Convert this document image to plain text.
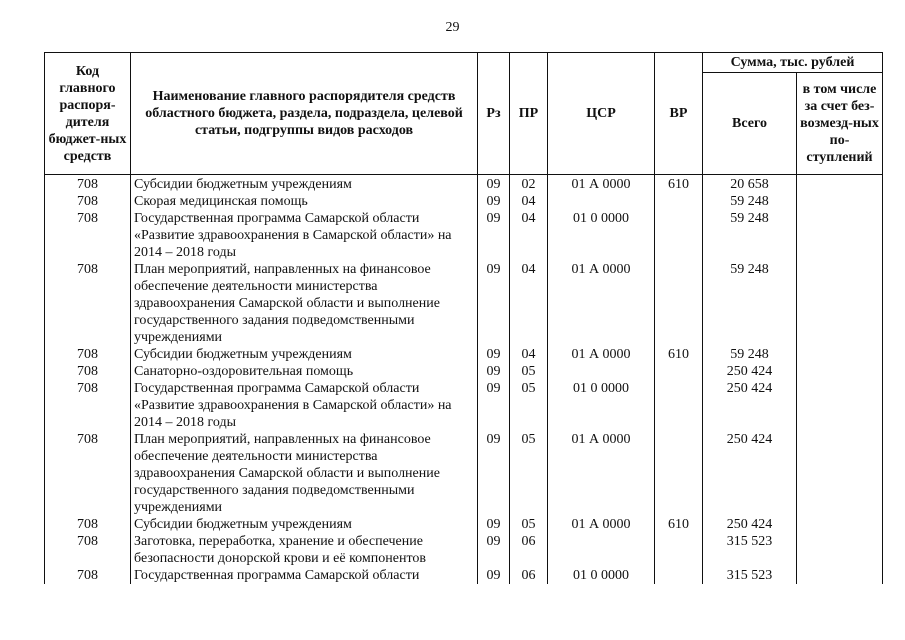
29
Код главного распоря-дителя бюджет-ных средств	Наименование главного распорядителя средств областного бюджета, раздела, подраздела, целевой статьи, подгруппы видов расходов	Рз	ПР	ЦСР	ВР	Сумма, тыс. рублей	
						Всего	в том числе за счет без-возмезд-ных по-ступлений
708	Субсидии бюджетным учреждениям	09	02	01 А 0000	610	20 658	
708	Скорая медицинская помощь	09	04			59 248	
708	Государственная программа Самарской области «Развитие здравоохранения в Самарской области» на 2014 – 2018 годы	09	04	01 0 0000		59 248	
708	План мероприятий, направленных на финансовое обеспечение деятельности министерства здравоохранения Самарской области и выполнение государственного задания подведомственными учреждениями	09	04	01 А 0000		59 248	
708	Субсидии бюджетным учреждениям	09	04	01 А 0000	610	59 248	
708	Санаторно-оздоровительная помощь	09	05			250 424	
708	Государственная программа Самарской области «Развитие здравоохранения в Самарской области» на 2014 – 2018 годы	09	05	01 0 0000		250 424	
708	План мероприятий, направленных на финансовое обеспечение деятельности министерства здравоохранения Самарской области и выполнение государственного задания подведомственными учреждениями	09	05	01 А 0000		250 424	
708	Субсидии бюджетным учреждениям	09	05	01 А 0000	610	250 424	
708	Заготовка, переработка, хранение и обеспечение безопасности донорской крови и её компонентов	09	06			315 523	
708	Государственная программа Самарской области	09	06	01 0 0000		315 523	
